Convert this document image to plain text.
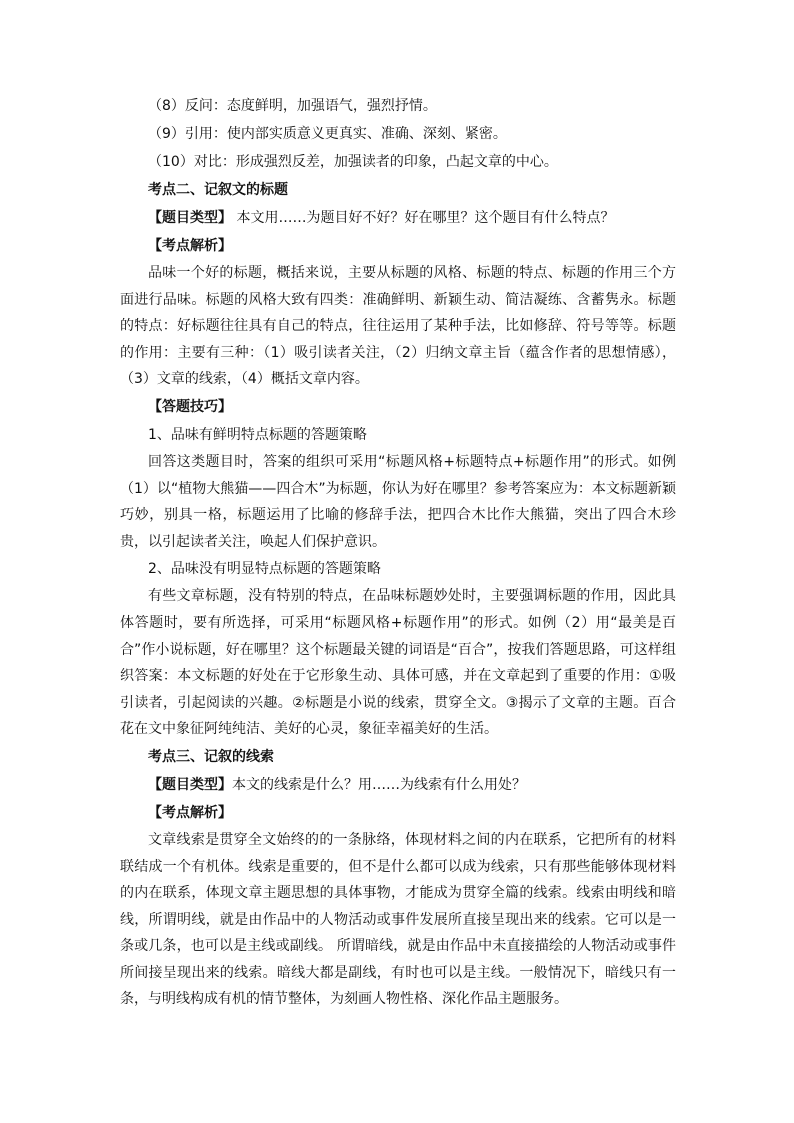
（8）反问：态度鲜明，加强语气，强烈抒情。

（9）引用：使内部实质意义更真实、准确、深刻、紧密。

（10）对比：形成强烈反差，加强读者的印象，凸起文章的中心。

考点二、记叙文的标题

【题目类型】 本文用……为题目好不好？好在哪里？这个题目有什么特点？

【考点解析】

品味一个好的标题，概括来说，主要从标题的风格、标题的特点、标题的作用三个方面进行品味。标题的风格大致有四类：准确鲜明、新颖生动、简洁凝练、含蓄隽永。标题的特点：好标题往往具有自己的特点，往往运用了某种手法，比如修辞、符号等等。标题的作用：主要有三种：（1）吸引读者关注，（2）归纳文章主旨（蕴含作者的思想情感），（3）文章的线索，（4）概括文章内容。

【答题技巧】

1、品味有鲜明特点标题的答题策略

回答这类题目时，答案的组织可采用“标题风格+标题特点+标题作用”的形式。如例（1）以“植物大熊猫——四合木”为标题，你认为好在哪里？参考答案应为：本文标题新颖巧妙，别具一格，标题运用了比喻的修辞手法，把四合木比作大熊猫，突出了四合木珍贵，以引起读者关注，唤起人们保护意识。

2、品味没有明显特点标题的答题策略

有些文章标题，没有特别的特点，在品味标题妙处时，主要强调标题的作用，因此具体答题时，要有所选择，可采用“标题风格+标题作用”的形式。如例（2）用“最美是百合”作小说标题，好在哪里？这个标题最关键的词语是“百合”，按我们答题思路，可这样组织答案：本文标题的好处在于它形象生动、具体可感，并在文章起到了重要的作用：①吸引读者，引起阅读的兴趣。②标题是小说的线索，贯穿全文。③揭示了文章的主题。百合花在文中象征阿纯纯洁、美好的心灵，象征幸福美好的生活。

考点三、记叙的线索

【题目类型】本文的线索是什么？用……为线索有什么用处？

【考点解析】

文章线索是贯穿全文始终的的一条脉络，体现材料之间的内在联系，它把所有的材料联结成一个有机体。线索是重要的，但不是什么都可以成为线索，只有那些能够体现材料的内在联系，体现文章主题思想的具体事物，才能成为贯穿全篇的线索。线索由明线和暗线，所谓明线，就是由作品中的人物活动或事件发展所直接呈现出来的线索。它可以是一条或几条，也可以是主线或副线。 所谓暗线，就是由作品中未直接描绘的人物活动或事件所间接呈现出来的线索。暗线大都是副线，有时也可以是主线。一般情况下，暗线只有一条，与明线构成有机的情节整体，为刻画人物性格、深化作品主题服务。
